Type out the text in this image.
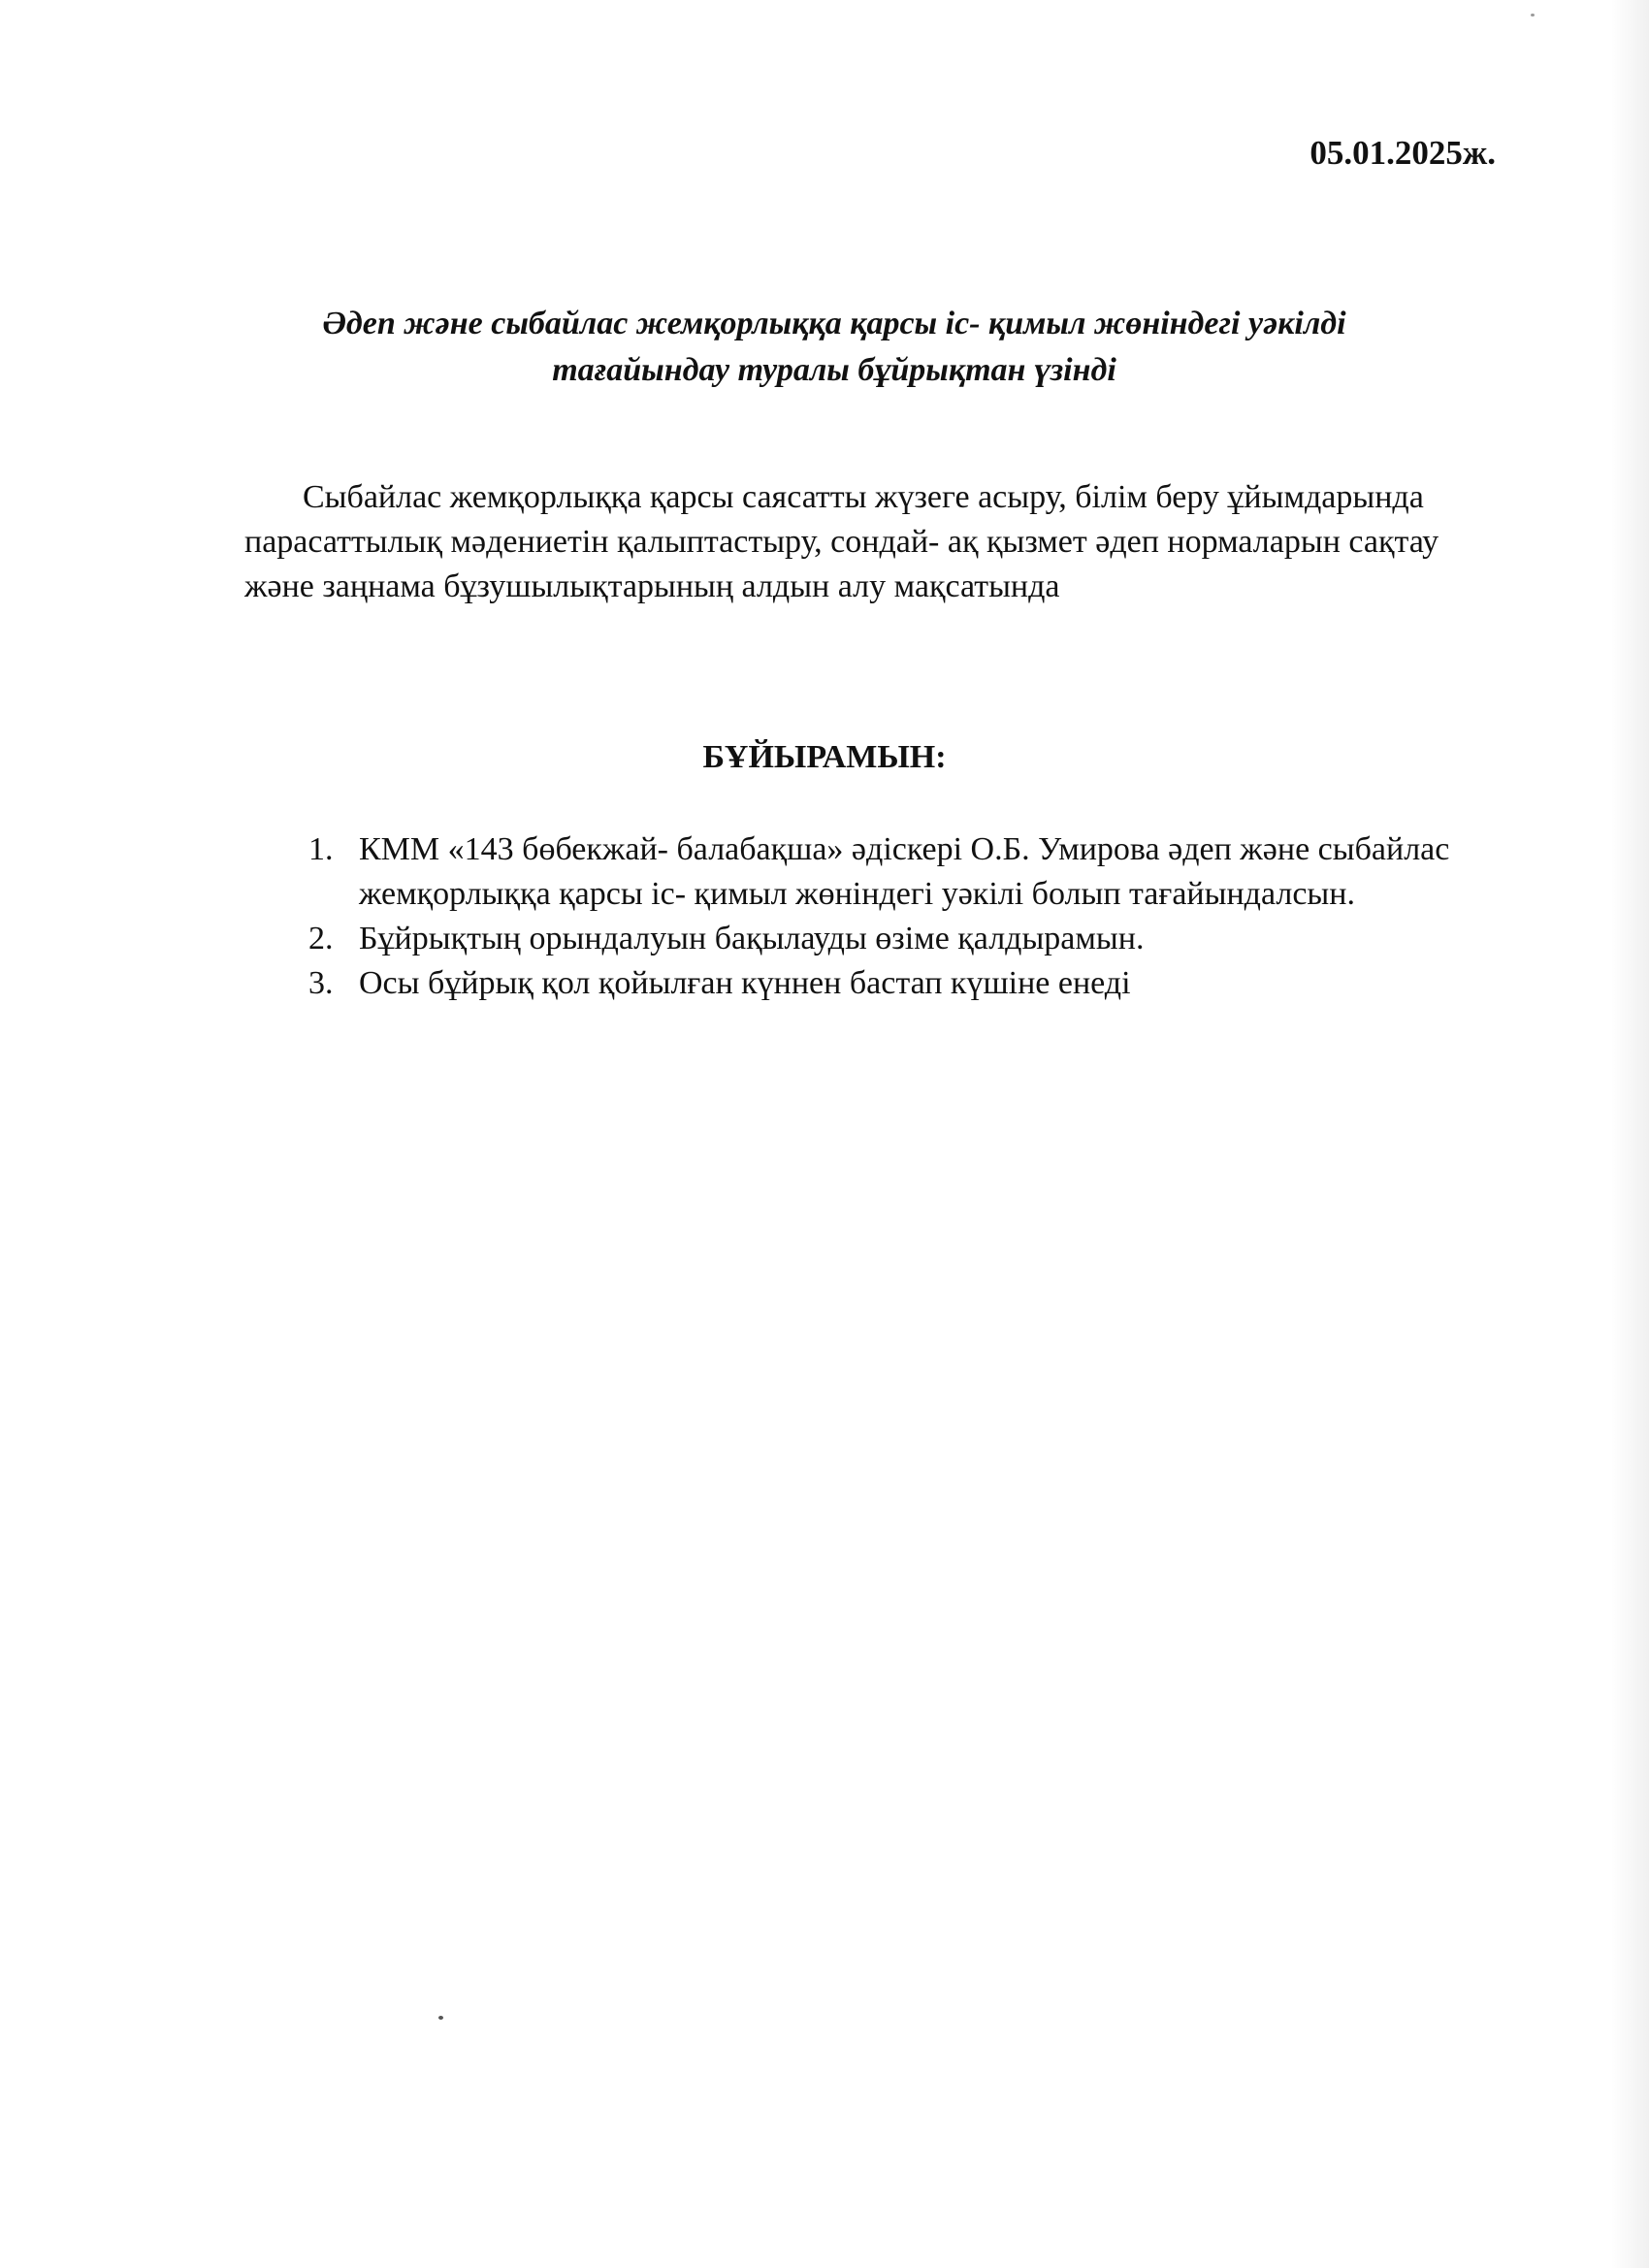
05.01.2025ж.
Әдеп және сыбайлас жемқорлыққа қарсы іс- қимыл жөніндегі уәкілді
тағайындау туралы бұйрықтан үзінді
Сыбайлас жемқорлыққа қарсы саясатты жүзеге асыру, білім беру ұйымдарында парасаттылық мәдениетін қалыптастыру, сондай- ақ қызмет әдеп нормаларын сақтау және заңнама бұзушылықтарының алдын алу мақсатында
БҰЙЫРАМЫН:
1. КММ «143 бөбекжай- балабақша» әдіскері О.Б. Умирова әдеп және сыбайлас жемқорлыққа қарсы іс- қимыл жөніндегі уәкілі болып тағайындалсын.
2. Бұйрықтың орындалуын бақылауды өзіме қалдырамын.
3. Осы бұйрық қол қойылған күннен бастап күшіне енеді
